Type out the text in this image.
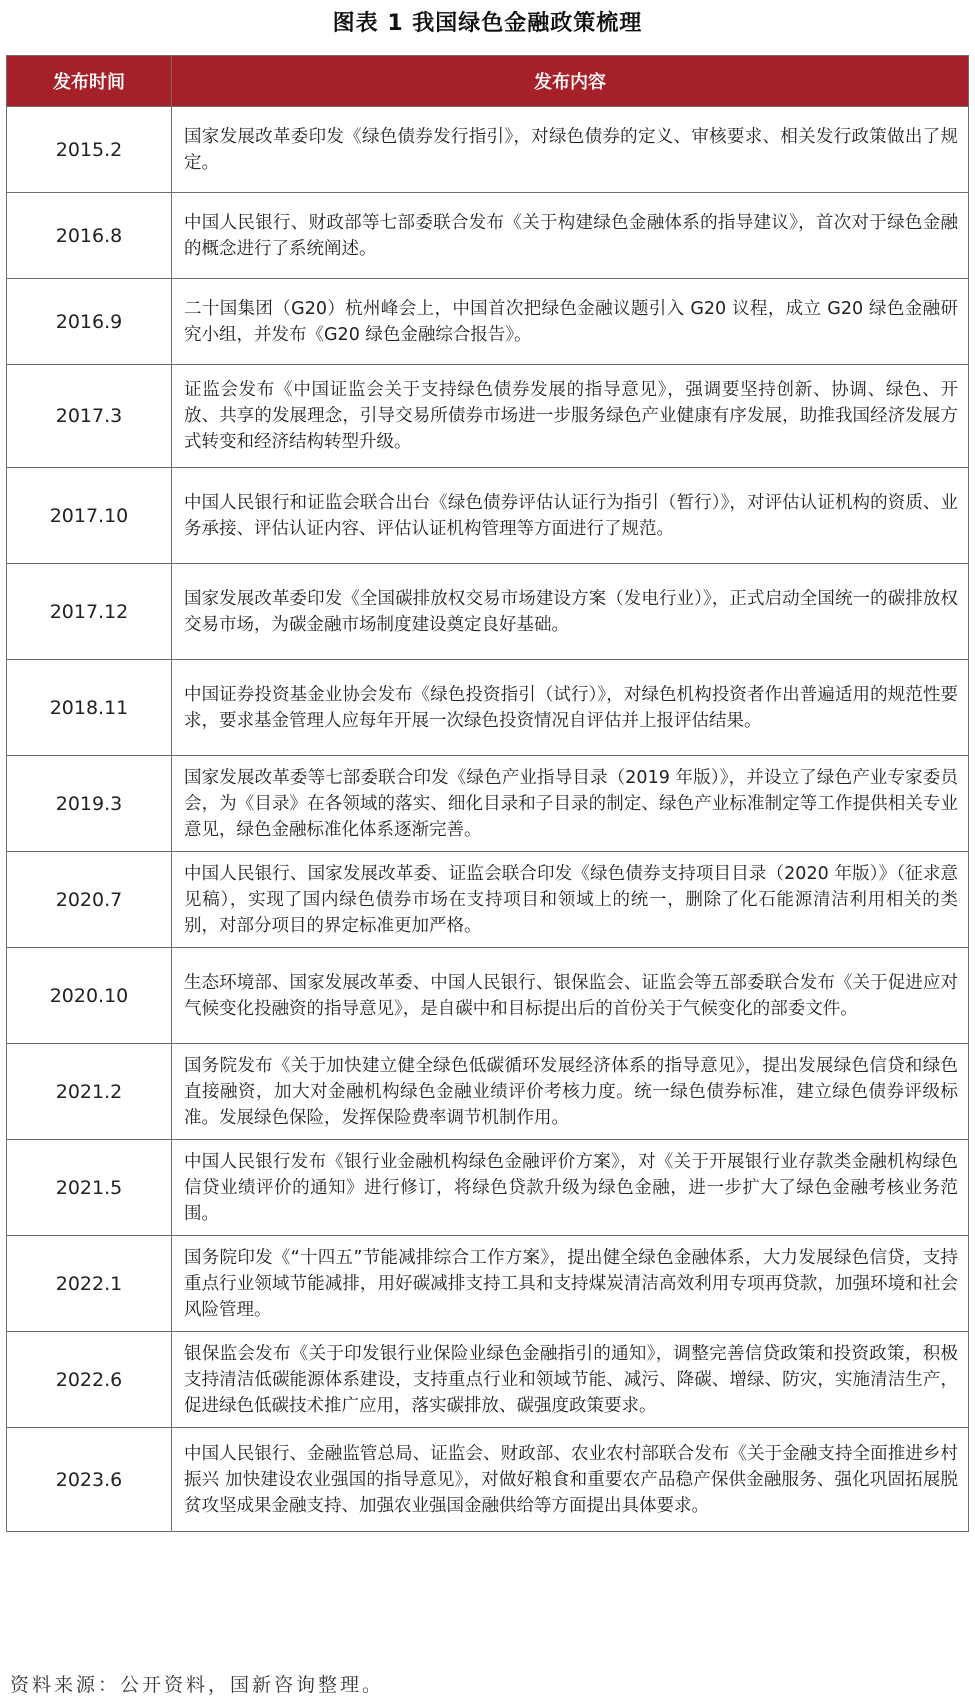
图表 1 我国绿色金融政策梳理
发布时间	发布内容
2015.2	国家发展改革委印发《绿色债券发行指引》，对绿色债券的定义、审核要求、相关发行政策做出了规定。
2016.8	中国人民银行、财政部等七部委联合发布《关于构建绿色金融体系的指导建议》，首次对于绿色金融的概念进行了系统阐述。
2016.9	二十国集团（G20）杭州峰会上，中国首次把绿色金融议题引入 G20 议程，成立 G20 绿色金融研究小组，并发布《G20 绿色金融综合报告》。
2017.3	证监会发布《中国证监会关于支持绿色债券发展的指导意见》，强调要坚持创新、协调、绿色、开放、共享的发展理念，引导交易所债券市场进一步服务绿色产业健康有序发展，助推我国经济发展方式转变和经济结构转型升级。
2017.10	中国人民银行和证监会联合出台《绿色债券评估认证行为指引（暂行）》，对评估认证机构的资质、业务承接、评估认证内容、评估认证机构管理等方面进行了规范。
2017.12	国家发展改革委印发《全国碳排放权交易市场建设方案（发电行业）》，正式启动全国统一的碳排放权交易市场，为碳金融市场制度建设奠定良好基础。
2018.11	中国证券投资基金业协会发布《绿色投资指引（试行）》，对绿色机构投资者作出普遍适用的规范性要求，要求基金管理人应每年开展一次绿色投资情况自评估并上报评估结果。
2019.3	国家发展改革委等七部委联合印发《绿色产业指导目录（2019 年版）》，并设立了绿色产业专家委员会，为《目录》在各领域的落实、细化目录和子目录的制定、绿色产业标准制定等工作提供相关专业意见，绿色金融标准化体系逐渐完善。
2020.7	中国人民银行、国家发展改革委、证监会联合印发《绿色债券支持项目目录（2020 年版）》（征求意见稿），实现了国内绿色债券市场在支持项目和领域上的统一，删除了化石能源清洁利用相关的类别，对部分项目的界定标准更加严格。
2020.10	生态环境部、国家发展改革委、中国人民银行、银保监会、证监会等五部委联合发布《关于促进应对气候变化投融资的指导意见》，是自碳中和目标提出后的首份关于气候变化的部委文件。
2021.2	国务院发布《关于加快建立健全绿色低碳循环发展经济体系的指导意见》，提出发展绿色信贷和绿色直接融资，加大对金融机构绿色金融业绩评价考核力度。统一绿色债券标准，建立绿色债券评级标准。发展绿色保险，发挥保险费率调节机制作用。
2021.5	中国人民银行发布《银行业金融机构绿色金融评价方案》，对《关于开展银行业存款类金融机构绿色信贷业绩评价的通知》进行修订，将绿色贷款升级为绿色金融，进一步扩大了绿色金融考核业务范围。
2022.1	国务院印发《“十四五”节能减排综合工作方案》，提出健全绿色金融体系，大力发展绿色信贷，支持重点行业领域节能减排，用好碳减排支持工具和支持煤炭清洁高效利用专项再贷款，加强环境和社会风险管理。
2022.6	银保监会发布《关于印发银行业保险业绿色金融指引的通知》，调整完善信贷政策和投资政策，积极支持清洁低碳能源体系建设，支持重点行业和领域节能、减污、降碳、增绿、防灾，实施清洁生产，促进绿色低碳技术推广应用，落实碳排放、碳强度政策要求。
2023.6	中国人民银行、金融监管总局、证监会、财政部、农业农村部联合发布《关于金融支持全面推进乡村振兴 加快建设农业强国的指导意见》，对做好粮食和重要农产品稳产保供金融服务、强化巩固拓展脱贫攻坚成果金融支持、加强农业强国金融供给等方面提出具体要求。
资料来源：公开资料，国新咨询整理。
